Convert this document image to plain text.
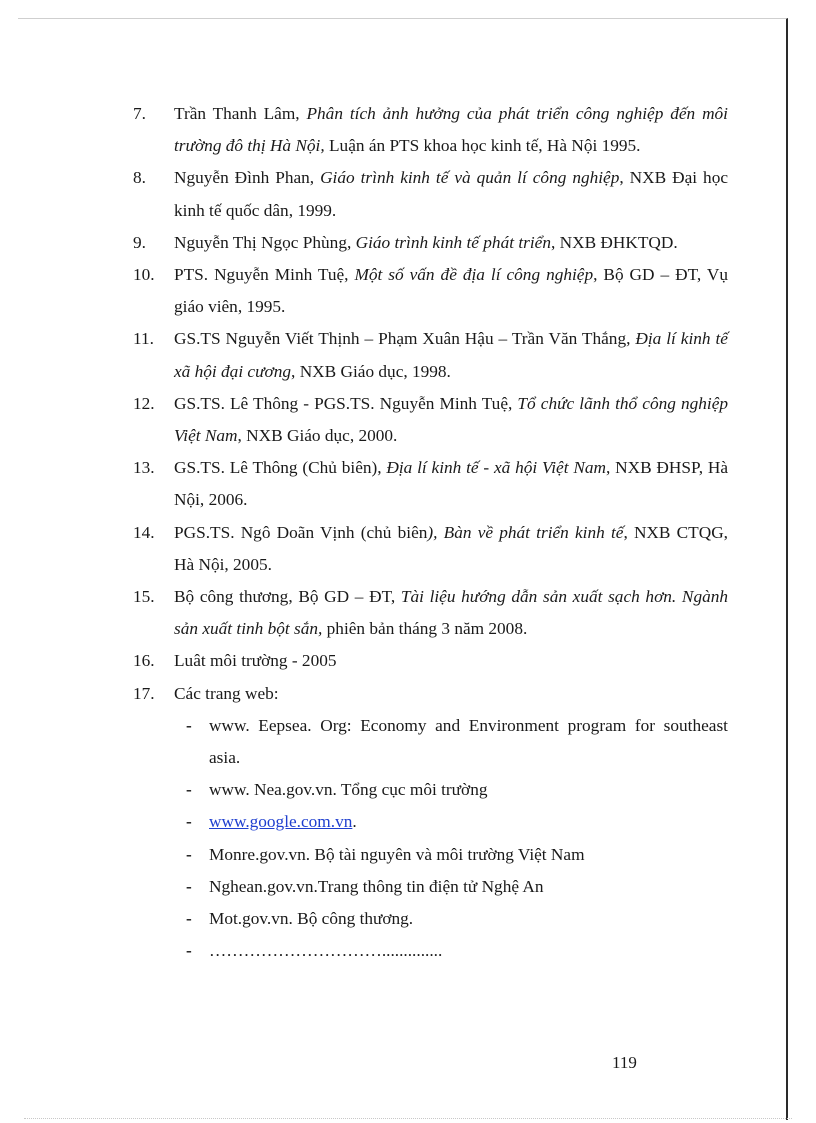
7.	Trần Thanh Lâm, Phân tích ảnh hưởng của phát triển công nghiệp đến môi trường đô thị Hà Nội, Luận án PTS khoa học kinh tế, Hà Nội 1995.
8.	Nguyễn Đình Phan, Giáo trình kinh tế và quản lí công nghiệp, NXB Đại học kinh tế quốc dân, 1999.
9.	Nguyễn Thị Ngọc Phùng, Giáo trình kinh tế phát triển, NXB ĐHKTQD.
10.	PTS. Nguyễn Minh Tuệ, Một số vấn đề địa lí công nghiệp, Bộ GD – ĐT, Vụ giáo viên, 1995.
11.	GS.TS Nguyễn Viết Thịnh – Phạm Xuân Hậu – Trần Văn Thắng, Địa lí kinh tế xã hội đại cương, NXB Giáo dục, 1998.
12.	GS.TS. Lê Thông - PGS.TS. Nguyễn Minh Tuệ, Tổ chức lãnh thổ công nghiệp Việt Nam, NXB Giáo dục, 2000.
13.	GS.TS. Lê Thông (Chủ biên), Địa lí kinh tế - xã hội Việt Nam, NXB ĐHSP, Hà Nội, 2006.
14.	PGS.TS. Ngô Doãn Vịnh (chủ biên), Bàn về phát triển kinh tế, NXB CTQG, Hà Nội, 2005.
15.	Bộ công thương, Bộ GD – ĐT, Tài liệu hướng dẫn sản xuất sạch hơn. Ngành sản xuất tinh bột sắn, phiên bản tháng 3 năm 2008.
16.	Luât môi trường - 2005
17.	Các trang web:
- www. Eepsea. Org: Economy and Environment program for southeast asia.
- www. Nea.gov.vn. Tổng cục môi trường
- www.google.com.vn.
- Monre.gov.vn. Bộ tài nguyên và môi trường Việt Nam
- Nghean.gov.vn.Trang thông tin điện tử Nghệ An
- Mot.gov.vn. Bộ công thương.
- …………………………..............
119
